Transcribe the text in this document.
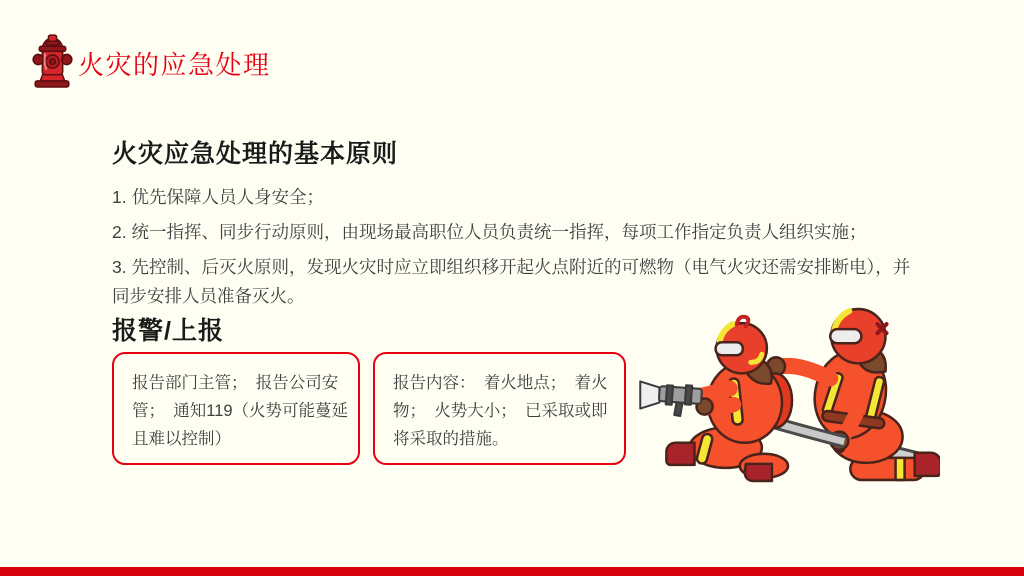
火灾的应急处理
火灾应急处理的基本原则

1. 优先保障人员人身安全；

2. 统一指挥、同步行动原则，由现场最高职位人员负责统一指挥，每项工作指定负责人组织实施；

3. 先控制、后灭火原则，发现火灾时应立即组织移开起火点附近的可燃物（电气火灾还需安排断电），并同步安排人员准备灭火。

报警/上报
报告部门主管；　报告公司安管；　通知119（火势可能蔓延且难以控制）
报告内容：　着火地点；　着火物；　火势大小；　已采取或即将采取的措施。
